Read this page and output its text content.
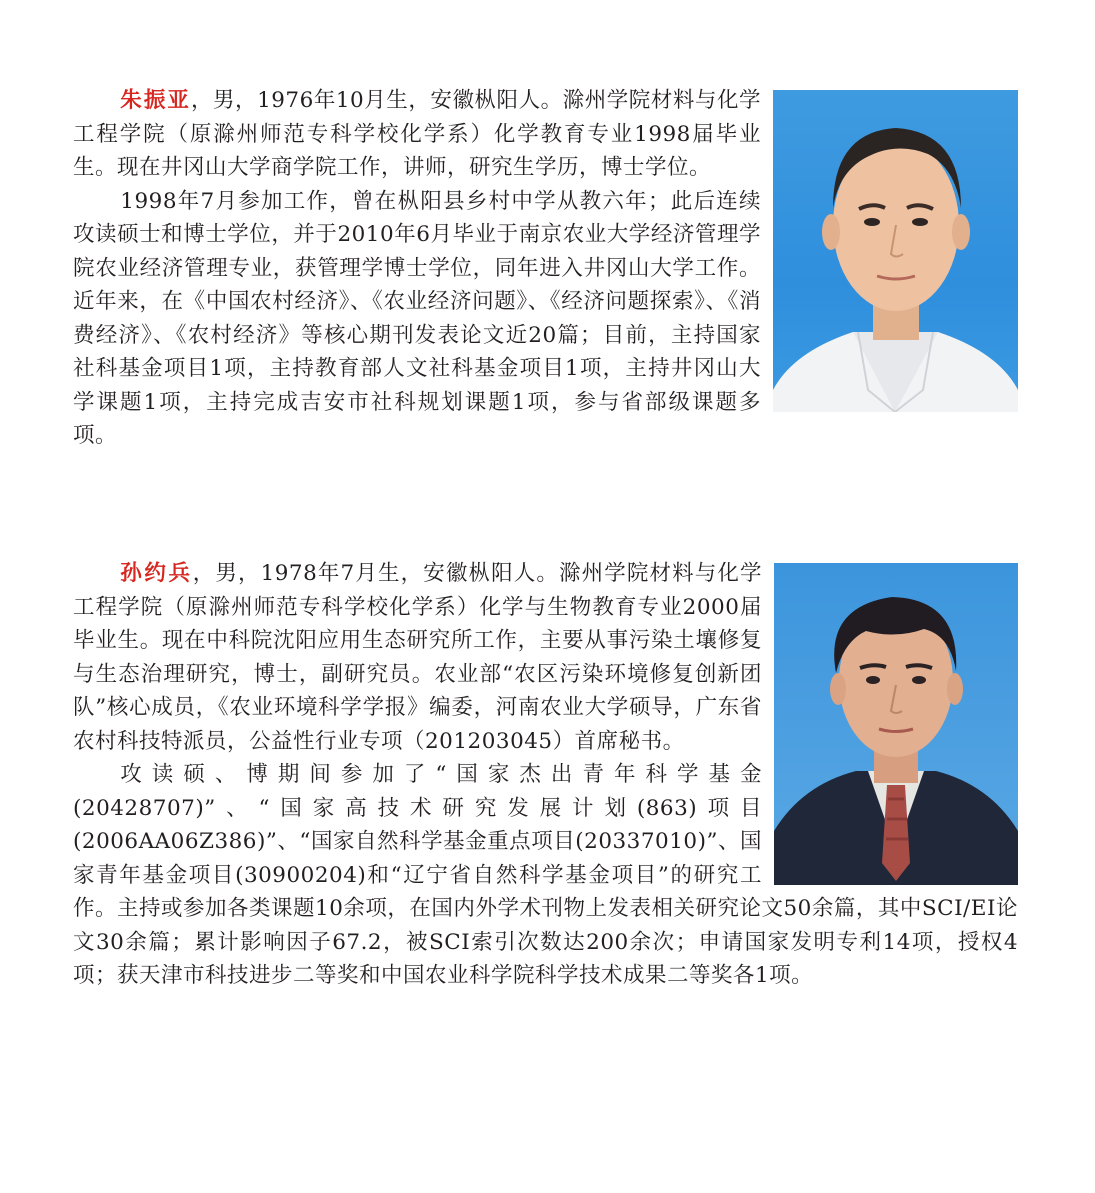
朱振亚，男，1976年10月生，安徽枞阳人。滁州学院材料与化学工程学院（原滁州师范专科学校化学系）化学教育专业1998届毕业生。现在井冈山大学商学院工作，讲师，研究生学历，博士学位。

1998年7月参加工作，曾在枞阳县乡村中学从教六年；此后连续攻读硕士和博士学位，并于2010年6月毕业于南京农业大学经济管理学院农业经济管理专业，获管理学博士学位，同年进入井冈山大学工作。近年来，在《中国农村经济》、《农业经济问题》、《经济问题探索》、《消费经济》、《农村经济》等核心期刊发表论文近20篇；目前，主持国家社科基金项目1项，主持教育部人文社科基金项目1项，主持井冈山大学课题1项，主持完成吉安市社科规划课题1项，参与省部级课题多项。

孙约兵，男，1978年7月生，安徽枞阳人。滁州学院材料与化学工程学院（原滁州师范专科学校化学系）化学与生物教育专业2000届毕业生。现在中科院沈阳应用生态研究所工作，主要从事污染土壤修复与生态治理研究，博士，副研究员。农业部“农区污染环境修复创新团队”核心成员，《农业环境科学学报》编委，河南农业大学硕导，广东省农村科技特派员，公益性行业专项（201203045）首席秘书。

攻读硕、博期间参加了“国家杰出青年科学基金(20428707)”、“国家高技术研究发展计划(863)项目(2006AA06Z386)”、“国家自然科学基金重点项目(20337010)”、国家青年基金项目(30900204)和“辽宁省自然科学基金项目”的研究工作。主持或参加各类课题10余项，在国内外学术刊物上发表相关研究论文50余篇，其中SCI/EI论文30余篇；累计影响因子67.2，被SCI索引次数达200余次；申请国家发明专利14项，授权4项；获天津市科技进步二等奖和中国农业科学院科学技术成果二等奖各1项。
